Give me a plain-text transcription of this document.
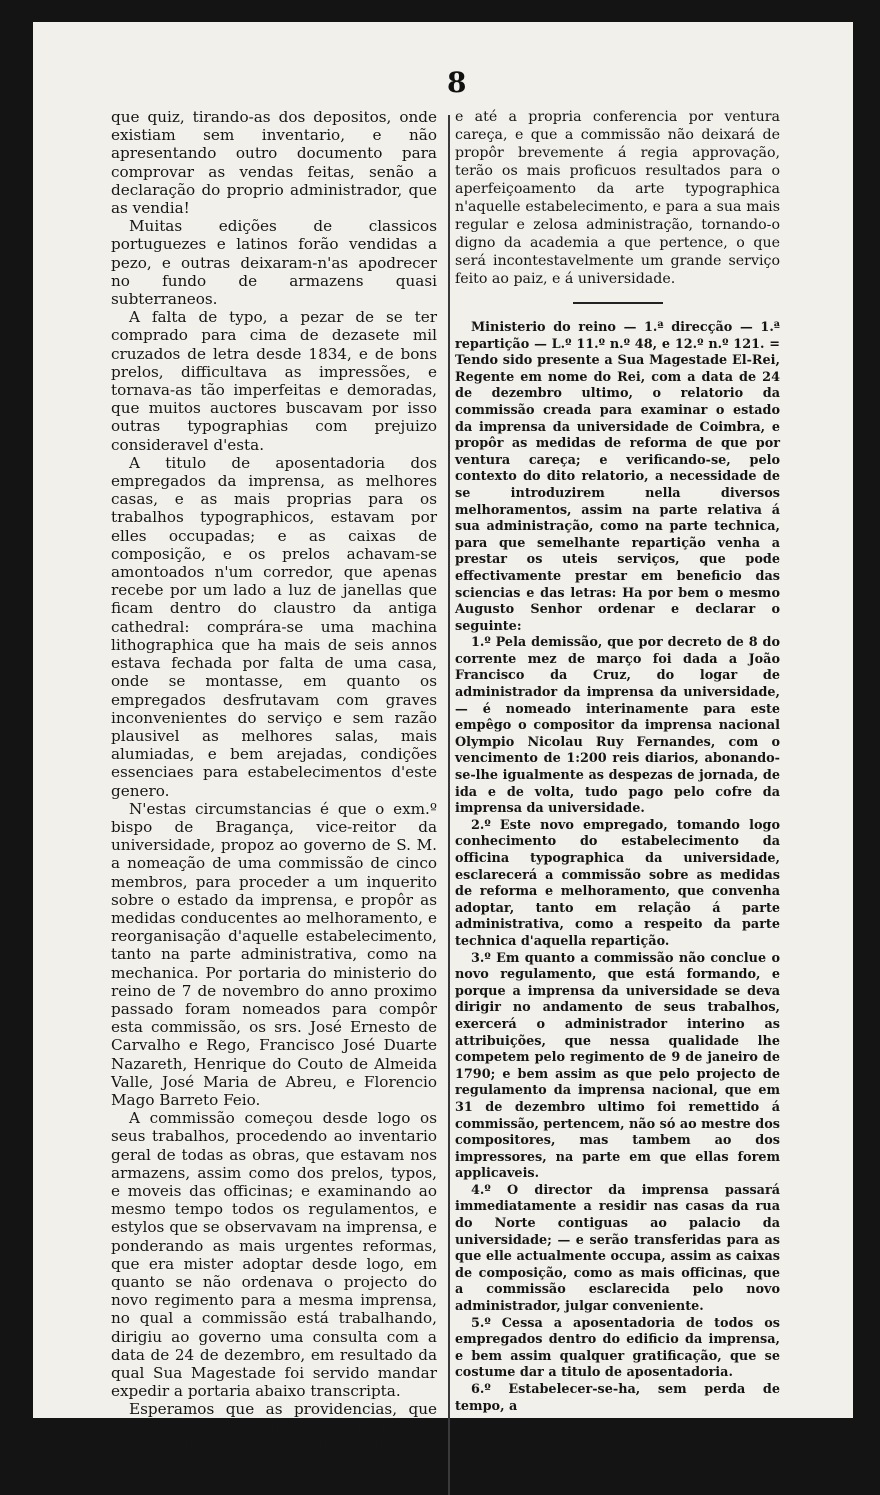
8

que quiz, tirando-as dos depositos, onde existiam sem inventario, e não apresentando outro documento para comprovar as vendas feitas, senão a declaração do proprio administrador, que as vendia!

Muitas edições de classicos portuguezes e latinos forão vendidas a pezo, e outras deixaram-n'as apodrecer no fundo de armazens quasi subterraneos.

A falta de typo, a pezar de se ter comprado para cima de dezasete mil cruzados de letra desde 1834, e de bons prelos, difficultava as impressões, e tornava-as tão imperfeitas e demoradas, que muitos auctores buscavam por isso outras typographias com prejuizo consideravel d'esta.

A titulo de aposentadoria dos empregados da imprensa, as melhores casas, e as mais proprias para os trabalhos typographicos, estavam por elles occupadas; e as caixas de composição, e os prelos achavam-se amontoados n'um corredor, que apenas recebe por um lado a luz de janellas que ficam dentro do claustro da antiga cathedral: comprára-se uma machina lithographica que ha mais de seis annos estava fechada por falta de uma casa, onde se montasse, em quanto os empregados desfrutavam com graves inconvenientes do serviço e sem razão plausivel as melhores salas, mais alumiadas, e bem arejadas, condições essenciaes para estabelecimentos d'este genero.

N'estas circumstancias é que o exm.º bispo de Bragança, vice-reitor da universidade, propoz ao governo de S. M. a nomeação de uma commissão de cinco membros, para proceder a um inquerito sobre o estado da imprensa, e propôr as medidas conducentes ao melhoramento, e reorganisação d'aquelle estabelecimento, tanto na parte administrativa, como na mechanica. Por portaria do ministerio do reino de 7 de novembro do anno proximo passado foram nomeados para compôr esta commissão, os srs. José Ernesto de Carvalho e Rego, Francisco José Duarte Nazareth, Henrique do Couto de Almeida Valle, José Maria de Abreu, e Florencio Mago Barreto Feio.

A commissão começou desde logo os seus trabalhos, procedendo ao inventario geral de todas as obras, que estavam nos armazens, assim como dos prelos, typos, e moveis das officinas; e examinando ao mesmo tempo todos os regulamentos, e estylos que se observavam na imprensa, e ponderando as mais urgentes reformas, que era mister adoptar desde logo, em quanto se não ordenava o projecto do novo regimento para a mesma imprensa, no qual a commissão está trabalhando, dirigiu ao governo uma consulta com a data de 24 de dezembro, em resultado da qual Sua Magestade foi servido mandar expedir a portaria abaixo transcripta.

Esperamos que as providencias, que nella se ordenam, os definitivos regulamentos e todas as mais reformas, de que a imprensa

e até a propria conferencia por ventura careça, e que a commissão não deixará de propôr brevemente á regia approvação, terão os mais proficuos resultados para o aperfeiçoamento da arte typographica n'aquelle estabelecimento, e para a sua mais regular e zelosa administração, tornando-o digno da academia a que pertence, o que será incontestavelmente um grande serviço feito ao paiz, e á universidade.

Ministerio do reino — 1.ª direcção — 1.ª repartição — L.º 11.º n.º 48, e 12.º n.º 121. = Tendo sido presente a Sua Magestade El-Rei, Regente em nome do Rei, com a data de 24 de dezembro ultimo, o relatorio da commissão creada para examinar o estado da imprensa da universidade de Coimbra, e propôr as medidas de reforma de que por ventura careça; e verificando-se, pelo contexto do dito relatorio, a necessidade de se introduzirem nella diversos melhoramentos, assim na parte relativa á sua administração, como na parte technica, para que semelhante repartição venha a prestar os uteis serviços, que pode effectivamente prestar em beneficio das sciencias e das letras: Ha por bem o mesmo Augusto Senhor ordenar e declarar o seguinte:

1.º Pela demissão, que por decreto de 8 do corrente mez de março foi dada a João Francisco da Cruz, do logar de administrador da imprensa da universidade, — é nomeado interinamente para este empêgo o compositor da imprensa nacional Olympio Nicolau Ruy Fernandes, com o vencimento de 1:200 reis diarios, abonando-se-lhe igualmente as despezas de jornada, de ida e de volta, tudo pago pelo cofre da imprensa da universidade.

2.º Este novo empregado, tomando logo conhecimento do estabelecimento da officina typographica da universidade, esclarecerá a commissão sobre as medidas de reforma e melhoramento, que convenha adoptar, tanto em relação á parte administrativa, como a respeito da parte technica d'aquella repartição.

3.º Em quanto a commissão não conclue o novo regulamento, que está formando, e porque a imprensa da universidade se deva dirigir no andamento de seus trabalhos, exercerá o administrador interino as attribuições, que nessa qualidade lhe competem pelo regimento de 9 de janeiro de 1790; e bem assim as que pelo projecto de regulamento da imprensa nacional, que em 31 de dezembro ultimo foi remettido á commissão, pertencem, não só ao mestre dos compositores, mas tambem ao dos impressores, na parte em que ellas forem applicaveis.

4.º O director da imprensa passará immediatamente a residir nas casas da rua do Norte contiguas ao palacio da universidade; — e serão transferidas para as que elle actualmente occupa, assim as caixas de composição, como as mais officinas, que a commissão esclarecida pelo novo administrador, julgar conveniente.

5.º Cessa a aposentadoria de todos os empregados dentro do edificio da imprensa, e bem assim qualquer gratificação, que se costume dar a titulo de aposentadoria.

6.º Estabelecer-se-ha, sem perda de tempo, a
